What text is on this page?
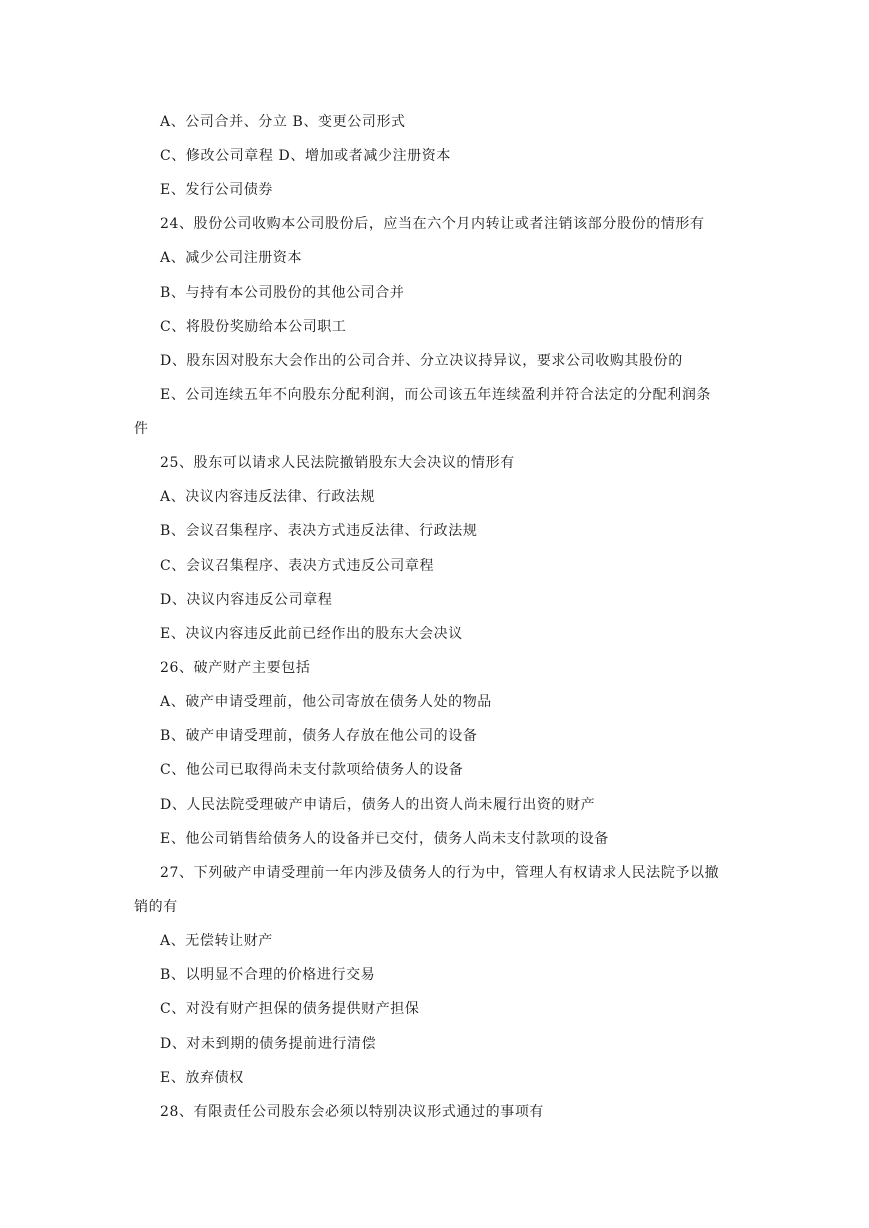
A、公司合并、分立 B、变更公司形式
C、修改公司章程 D、增加或者减少注册资本
E、发行公司债券
24、股份公司收购本公司股份后，应当在六个月内转让或者注销该部分股份的情形有
A、减少公司注册资本
B、与持有本公司股份的其他公司合并
C、将股份奖励给本公司职工
D、股东因对股东大会作出的公司合并、分立决议持异议，要求公司收购其股份的
E、公司连续五年不向股东分配利润，而公司该五年连续盈利并符合法定的分配利润条
件
25、股东可以请求人民法院撤销股东大会决议的情形有
A、决议内容违反法律、行政法规
B、会议召集程序、表决方式违反法律、行政法规
C、会议召集程序、表决方式违反公司章程
D、决议内容违反公司章程
E、决议内容违反此前已经作出的股东大会决议
26、破产财产主要包括
A、破产申请受理前，他公司寄放在债务人处的物品
B、破产申请受理前，债务人存放在他公司的设备
C、他公司已取得尚未支付款项给债务人的设备
D、人民法院受理破产申请后，债务人的出资人尚未履行出资的财产
E、他公司销售给债务人的设备并已交付，债务人尚未支付款项的设备
27、下列破产申请受理前一年内涉及债务人的行为中，管理人有权请求人民法院予以撤
销的有
A、无偿转让财产
B、以明显不合理的价格进行交易
C、对没有财产担保的债务提供财产担保
D、对未到期的债务提前进行清偿
E、放弃债权
28、有限责任公司股东会必须以特别决议形式通过的事项有
